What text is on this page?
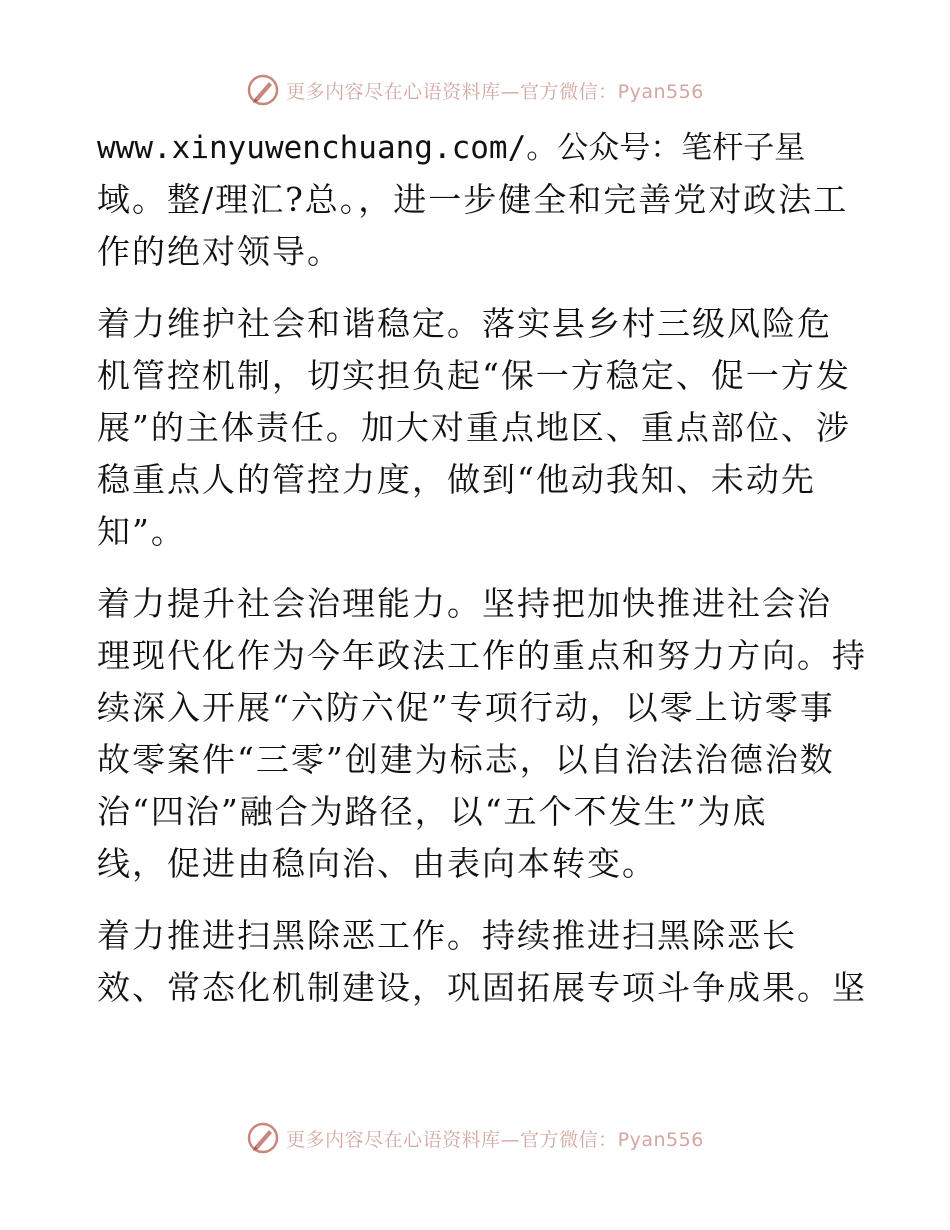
更多内容尽在心语资料库—官方微信：Pyan556

www.xinyuwenchuang.com/。公众号：笔杆子星
域。整/理汇?总。，进一步健全和完善党对政法工
作的绝对领导。

着力维护社会和谐稳定。落实县乡村三级风险危
机管控机制，切实担负起“保一方稳定、促一方发
展”的主体责任。加大对重点地区、重点部位、涉
稳重点人的管控力度，做到“他动我知、未动先
知”。

着力提升社会治理能力。坚持把加快推进社会治
理现代化作为今年政法工作的重点和努力方向。持
续深入开展“六防六促”专项行动，以零上访零事
故零案件“三零”创建为标志，以自治法治德治数
治“四治”融合为路径，以“五个不发生”为底
线，促进由稳向治、由表向本转变。

着力推进扫黑除恶工作。持续推进扫黑除恶长
效、常态化机制建设，巩固拓展专项斗争成果。坚

更多内容尽在心语资料库—官方微信：Pyan556
